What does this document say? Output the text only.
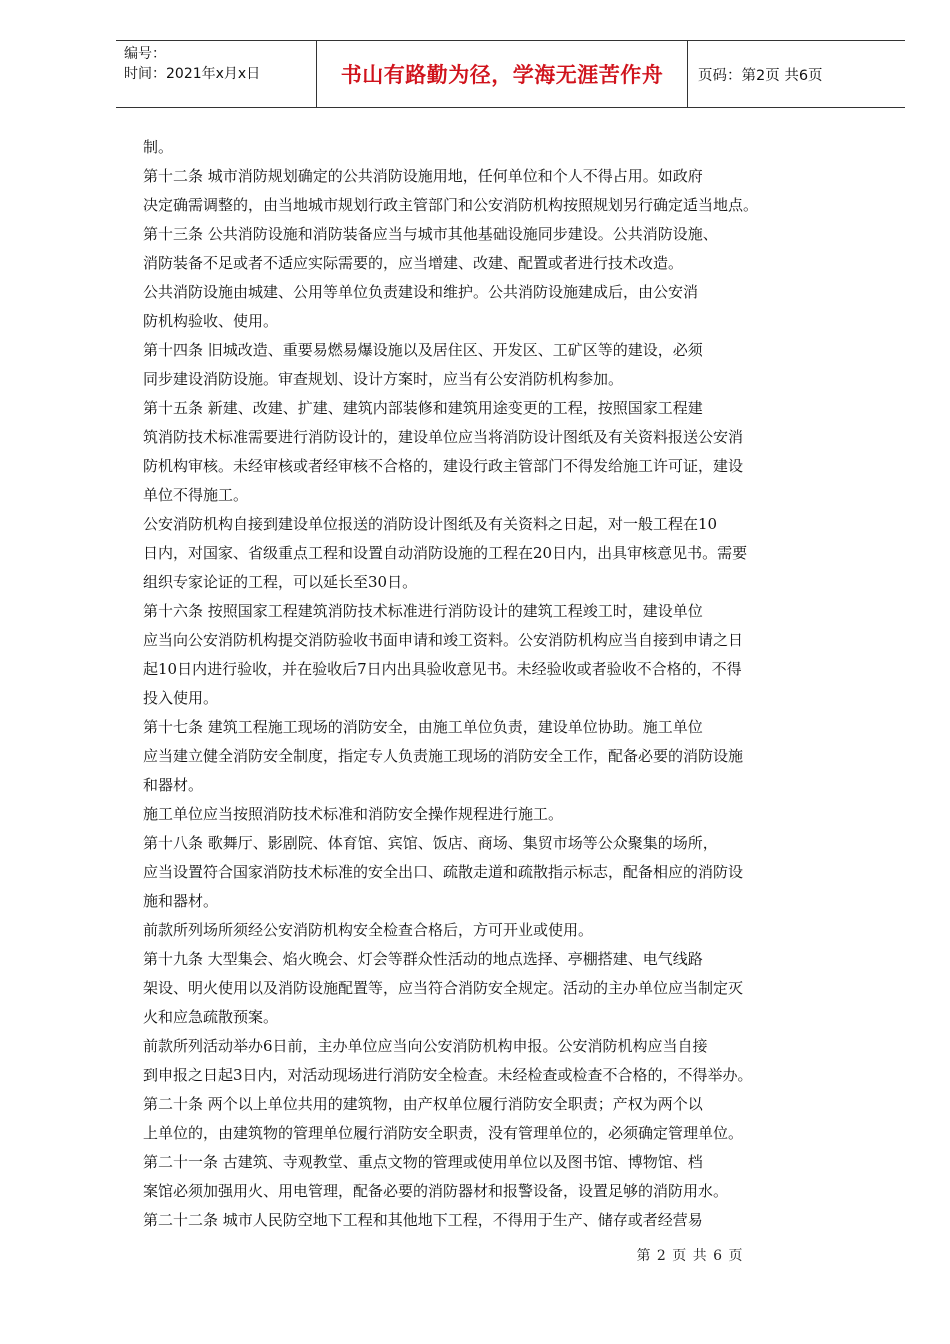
编号：
时间：2021年x月x日	书山有路勤为径，学海无涯苦作舟 页码：第2页 共6页
制。
第十二条 城市消防规划确定的公共消防设施用地，任何单位和个人不得占用。如政府
决定确需调整的，由当地城市规划行政主管部门和公安消防机构按照规划另行确定适当地点。
第十三条 公共消防设施和消防装备应当与城市其他基础设施同步建设。公共消防设施、
消防装备不足或者不适应实际需要的，应当增建、改建、配置或者进行技术改造。
公共消防设施由城建、公用等单位负责建设和维护。公共消防设施建成后，由公安消
防机构验收、使用。
第十四条 旧城改造、重要易燃易爆设施以及居住区、开发区、工矿区等的建设，必须
同步建设消防设施。审查规划、设计方案时，应当有公安消防机构参加。
第十五条 新建、改建、扩建、建筑内部装修和建筑用途变更的工程，按照国家工程建
筑消防技术标准需要进行消防设计的，建设单位应当将消防设计图纸及有关资料报送公安消
防机构审核。未经审核或者经审核不合格的，建设行政主管部门不得发给施工许可证，建设
单位不得施工。
公安消防机构自接到建设单位报送的消防设计图纸及有关资料之日起，对一般工程在10
日内，对国家、省级重点工程和设置自动消防设施的工程在20日内，出具审核意见书。需要
组织专家论证的工程，可以延长至30日。
第十六条 按照国家工程建筑消防技术标准进行消防设计的建筑工程竣工时，建设单位
应当向公安消防机构提交消防验收书面申请和竣工资料。公安消防机构应当自接到申请之日
起10日内进行验收，并在验收后7日内出具验收意见书。未经验收或者验收不合格的，不得
投入使用。
第十七条 建筑工程施工现场的消防安全，由施工单位负责，建设单位协助。施工单位
应当建立健全消防安全制度，指定专人负责施工现场的消防安全工作，配备必要的消防设施
和器材。
施工单位应当按照消防技术标准和消防安全操作规程进行施工。
第十八条 歌舞厅、影剧院、体育馆、宾馆、饭店、商场、集贸市场等公众聚集的场所，
应当设置符合国家消防技术标准的安全出口、疏散走道和疏散指示标志，配备相应的消防设
施和器材。
前款所列场所须经公安消防机构安全检查合格后，方可开业或使用。
第十九条 大型集会、焰火晚会、灯会等群众性活动的地点选择、亭棚搭建、电气线路
架设、明火使用以及消防设施配置等，应当符合消防安全规定。活动的主办单位应当制定灭
火和应急疏散预案。
前款所列活动举办6日前，主办单位应当向公安消防机构申报。公安消防机构应当自接
到申报之日起3日内，对活动现场进行消防安全检查。未经检查或检查不合格的，不得举办。
第二十条 两个以上单位共用的建筑物，由产权单位履行消防安全职责；产权为两个以
上单位的，由建筑物的管理单位履行消防安全职责，没有管理单位的，必须确定管理单位。
第二十一条 古建筑、寺观教堂、重点文物的管理或使用单位以及图书馆、博物馆、档
案馆必须加强用火、用电管理，配备必要的消防器材和报警设备，设置足够的消防用水。
第二十二条 城市人民防空地下工程和其他地下工程，不得用于生产、储存或者经营易
第 2 页 共 6 页
